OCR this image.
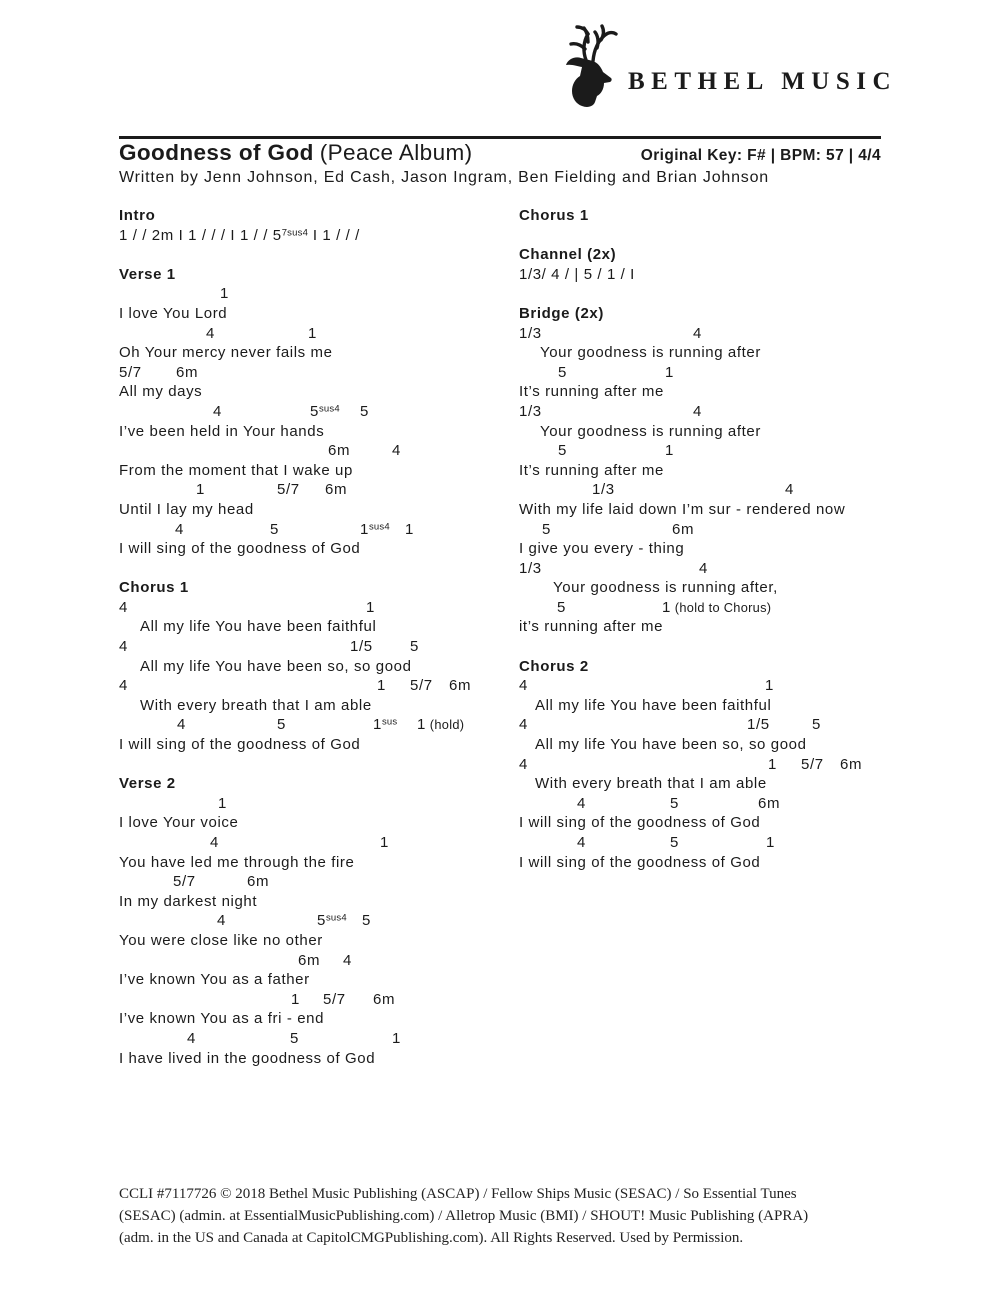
BETHEL MUSIC
Goodness of God (Peace Album)	Original Key: F# | BPM: 57 | 4/4
Written by Jenn Johnson, Ed Cash, Jason Ingram, Ben Fielding and Brian Johnson
Intro
1 / / 2m I 1 / / / I 1 / / $5^{7sus4}$ I 1 / / /
Verse 1
1
I love You Lord
4	1
Oh Your mercy never fails me
5/7 6m
All my days
4	$5^{sus4}$ 5
I’ve been held in Your hands
6m	4
From the moment that I wake up
1	5/7 6m
Until I lay my head
4	5	$1^{sus4}$ 1
I will sing of the goodness of God
Chorus 1
4	1
All my life You have been faithful
4	1/5 5
All my life You have been so, so good
4	1 5/7 6m
With every breath that I am able
4	5	$1^{sus}$ 1 (hold)
I will sing of the goodness of God
Verse 2
1
I love Your voice
4	1
You have led me through the fire
5/7	6m
In my darkest night
4	$5^{sus4}$ 5
You were close like no other
6m 4
I’ve known You as a father
1 5/7 6m
I’ve known You as a fri - end
4	5	1
I have lived in the goodness of God
Chorus 1
Channel (2x)
1/3/ 4 / | 5 / 1 / I
Bridge (2x)
1/3	4
Your goodness is running after
5	1
It’s running after me
1/3	4
Your goodness is running after
5	1
It’s running after me
1/3	4
With my life laid down I’m sur - rendered now
5	6m
I give you every - thing
1/3	4
Your goodness is running after,
5	1 (hold to Chorus)
it’s running after me
Chorus 2
4	1
All my life You have been faithful
4	1/5	5
All my life You have been so, so good
4	1 5/7 6m
With every breath that I am able
4	5	6m
I will sing of the goodness of God
4	5	1
I will sing of the goodness of God
CCLI #7117726 © 2018 Bethel Music Publishing (ASCAP) / Fellow Ships Music (SESAC) / So Essential Tunes
(SESAC) (admin. at EssentialMusicPublishing.com) / Alletrop Music (BMI) / SHOUT! Music Publishing (APRA)
(adm. in the US and Canada at CapitolCMGPublishing.com). All Rights Reserved. Used by Permission.
